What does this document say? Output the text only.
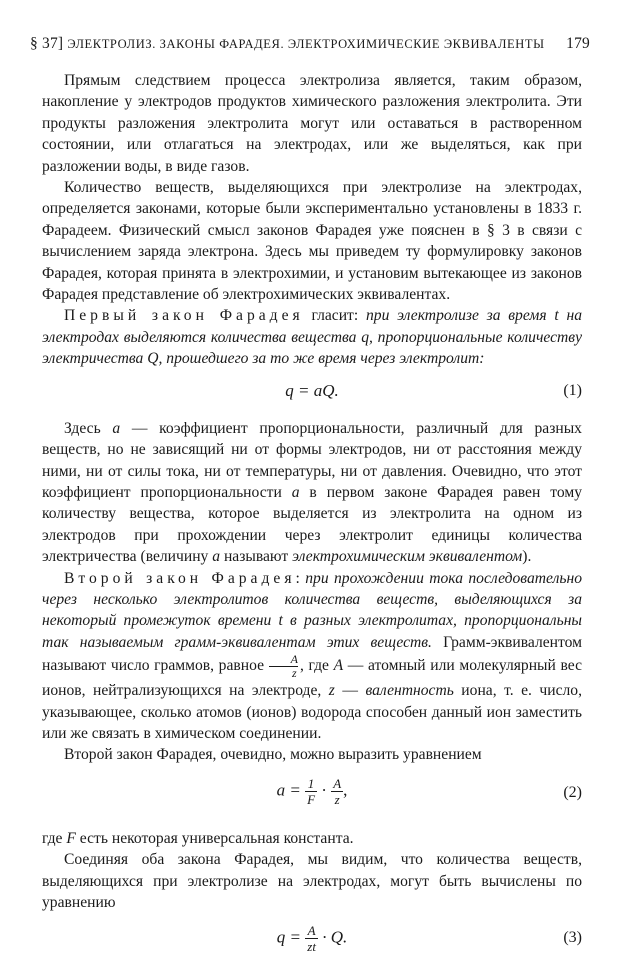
§ 37] ЭЛЕКТРОЛИЗ. ЗАКОНЫ ФАРАДЕЯ. ЭЛЕКТРОХИМИЧЕСКИЕ ЭКВИВАЛЕНТЫ 179

Прямым следствием процесса электролиза является, таким образом, накопление у электродов продуктов химического разложения электролита. Эти продукты разложения электролита могут или оставаться в растворенном состоянии, или отлагаться на электродах, или же выделяться, как при разложении воды, в виде газов.

Количество веществ, выделяющихся при электролизе на электродах, определяется законами, которые были экспериментально установлены в 1833 г. Фарадеем. Физический смысл законов Фарадея уже пояснен в § 3 в связи с вычислением заряда электрона. Здесь мы приведем ту формулировку законов Фарадея, которая принята в электрохимии, и установим вытекающее из законов Фарадея представление об электрохимических эквивалентах.

Первый закон Фарадея гласит: при электролизе за время t на электродах выделяются количества вещества q, пропорциональные количеству электричества Q, прошедшего за то же время через электролит:

q = aQ.	(1)

Здесь a — коэффициент пропорциональности, различный для разных веществ, но не зависящий ни от формы электродов, ни от расстояния между ними, ни от силы тока, ни от температуры, ни от давления. Очевидно, что этот коэффициент пропорциональности a в первом законе Фарадея равен тому количеству вещества, которое выделяется из электролита на одном из электродов при прохождении через электролит единицы количества электричества (величину a называют электрохимическим эквивалентом).

Второй закон Фарадея: при прохождении тока последовательно через несколько электролитов количества веществ, выделяющихся за некоторый промежуток времени t в разных электролитах, пропорциональны так называемым грамм-эквивалентам этих веществ. Грамм-эквивалентом называют число граммов, равное $\frac{A}{z}$ , где A — атомный или молекулярный вес ионов, нейтрализующихся на электроде, z — валентность иона, т. е. число, указывающее, сколько атомов (ионов) водорода способен данный ион заместить или же связать в химическом соединении.

Второй закон Фарадея, очевидно, можно выразить уравнением

$a = \frac{1}{F} \cdot \frac{A}{z}$ ,	(2)

где F есть некоторая универсальная константа.

Соединяя оба закона Фарадея, мы видим, что количества веществ, выделяющихся при электролизе на электродах, могут быть вычислены по уравнению

$q = \frac{A}{zt} \cdot Q$.	(3)
